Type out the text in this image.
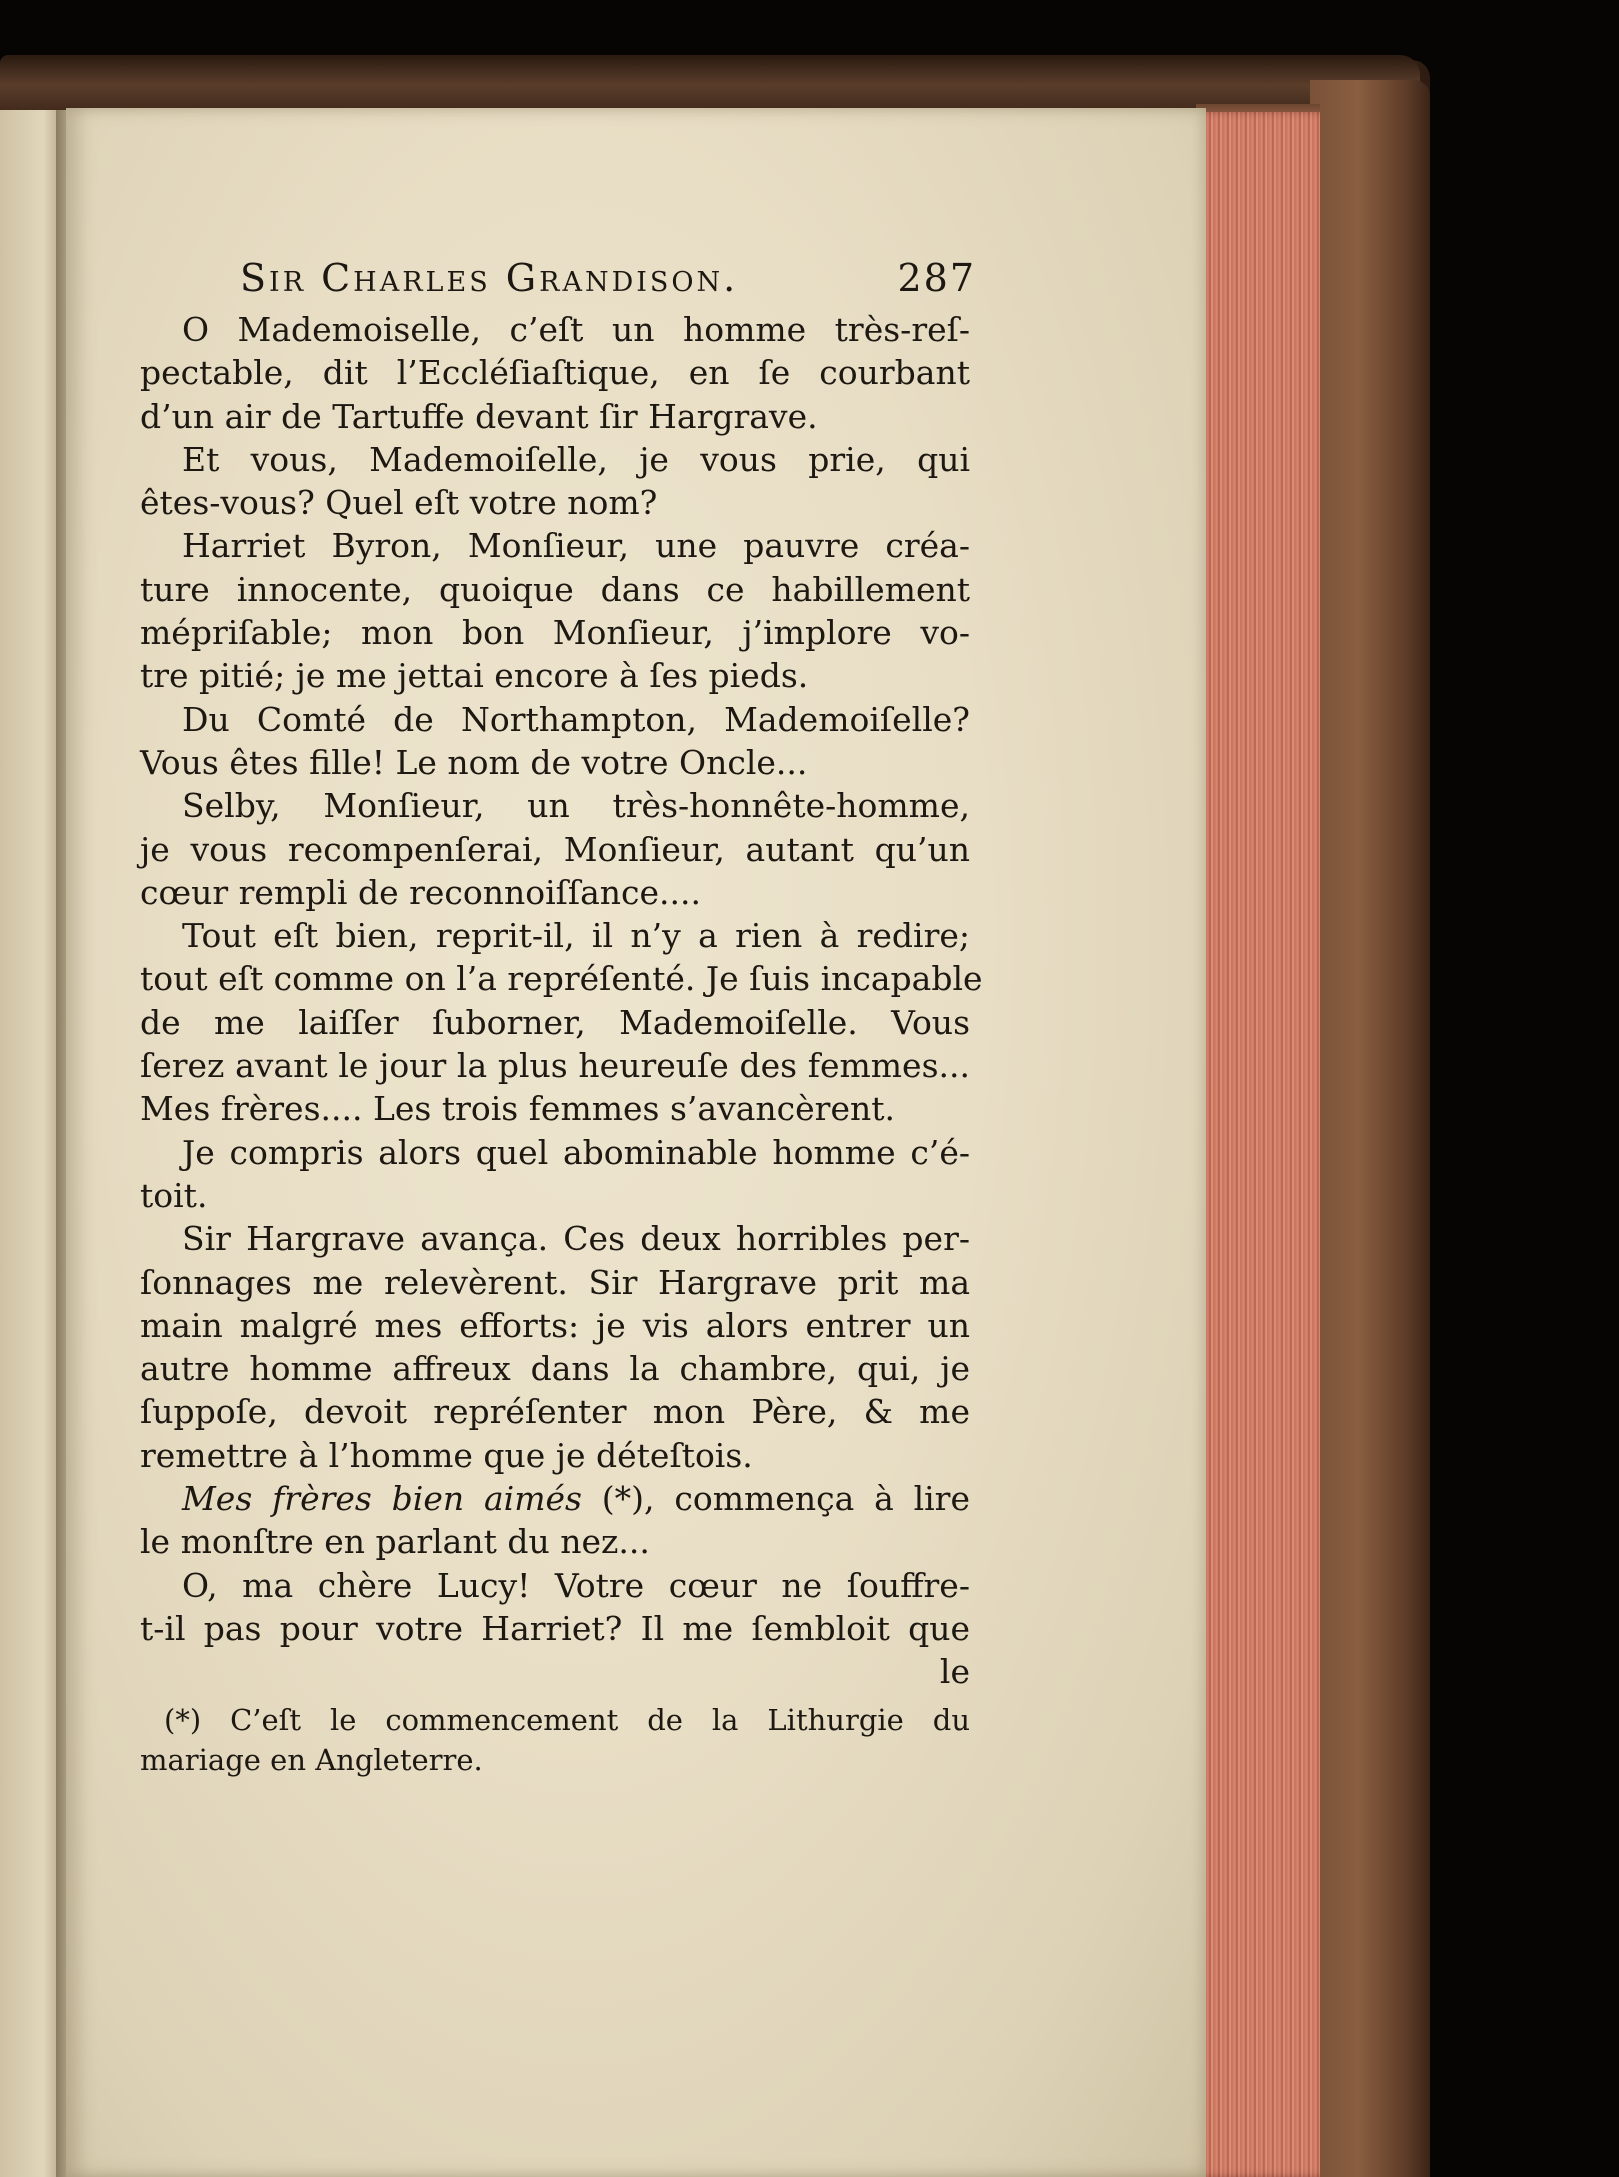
Sir Charles Grandison.	287
O Mademoiselle, c’eſt un homme très-reſ-
pectable, dit l’Eccléſiaſtique, en ſe courbant
d’un air de Tartuffe devant ſir Hargrave.
Et vous, Mademoiſelle, je vous prie, qui
êtes-vous? Quel eſt votre nom?
Harriet Byron, Monſieur, une pauvre créa-
ture innocente, quoique dans ce habillement
mépriſable; mon bon Monſieur, j’implore vo-
tre pitié; je me jettai encore à ſes pieds.
Du Comté de Northampton, Mademoiſelle?
Vous êtes fille! Le nom de votre Oncle...
Selby, Monſieur, un très-honnête-homme,
je vous recompenſerai, Monſieur, autant qu’un
cœur rempli de reconnoiſſance....
Tout eſt bien, reprit-il, il n’y a rien à redire;
tout eſt comme on l’a repréſenté. Je ſuis incapable
de me laiſſer ſuborner, Mademoiſelle. Vous
ſerez avant le jour la plus heureuſe des femmes...
Mes frères.... Les trois femmes s’avancèrent.
Je compris alors quel abominable homme c’é-
toit.
Sir Hargrave avança. Ces deux horribles per-
ſonnages me relevèrent. Sir Hargrave prit ma
main malgré mes efforts: je vis alors entrer un
autre homme affreux dans la chambre, qui, je
ſuppoſe, devoit repréſenter mon Père, & me
remettre à l’homme que je déteſtois.
Mes frères bien aimés (*), commença à lire
le monſtre en parlant du nez...
O, ma chère Lucy! Votre cœur ne ſouffre-
t-il pas pour votre Harriet? Il me ſembloit que
le
(*) C’eſt le commencement de la Lithurgie du
mariage en Angleterre.
